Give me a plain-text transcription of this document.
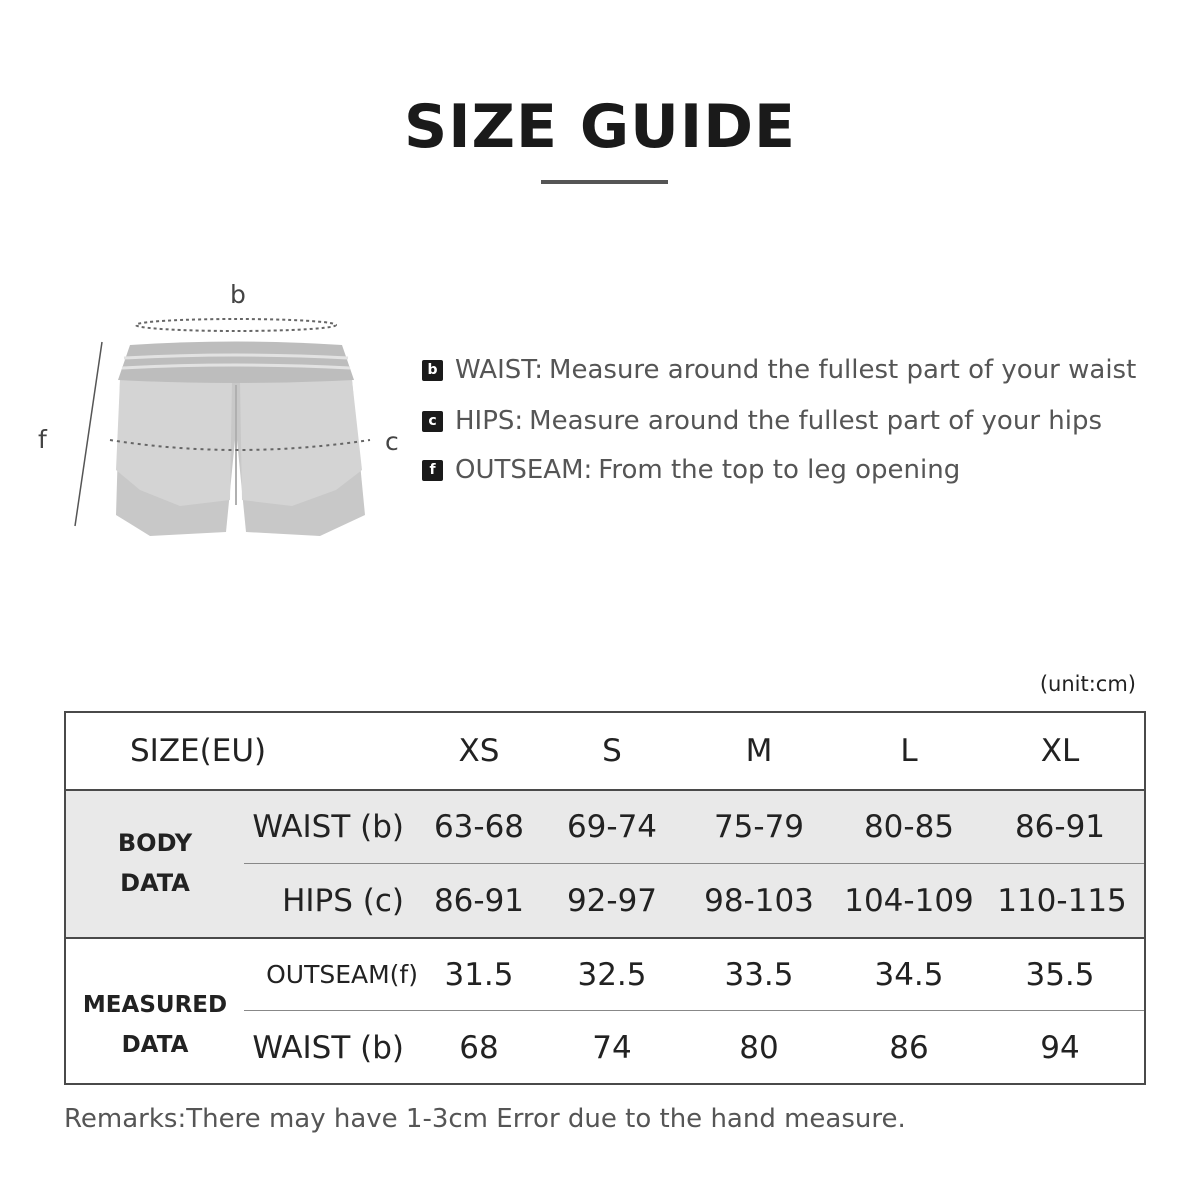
SIZE GUIDE
b
c
f
b WAIST: Measure around the fullest part of your waist
c HIPS: Measure around the fullest part of your hips
f OUTSEAM: From the top to leg opening
(unit:cm)
SIZE(EU)	XS	S	M	L	XL
BODY
DATA
MEASURED
DATA
WAIST (b) 63-68	69-74	75-79	80-85	86-91
HIPS (c) 86-91	92-97	98-103 104-109 110-115
OUTSEAM(f) 31.5	32.5	33.5	34.5	35.5
WAIST (b)	68	74	80	86	94
Remarks:There may have 1-3cm Error due to the hand measure.
